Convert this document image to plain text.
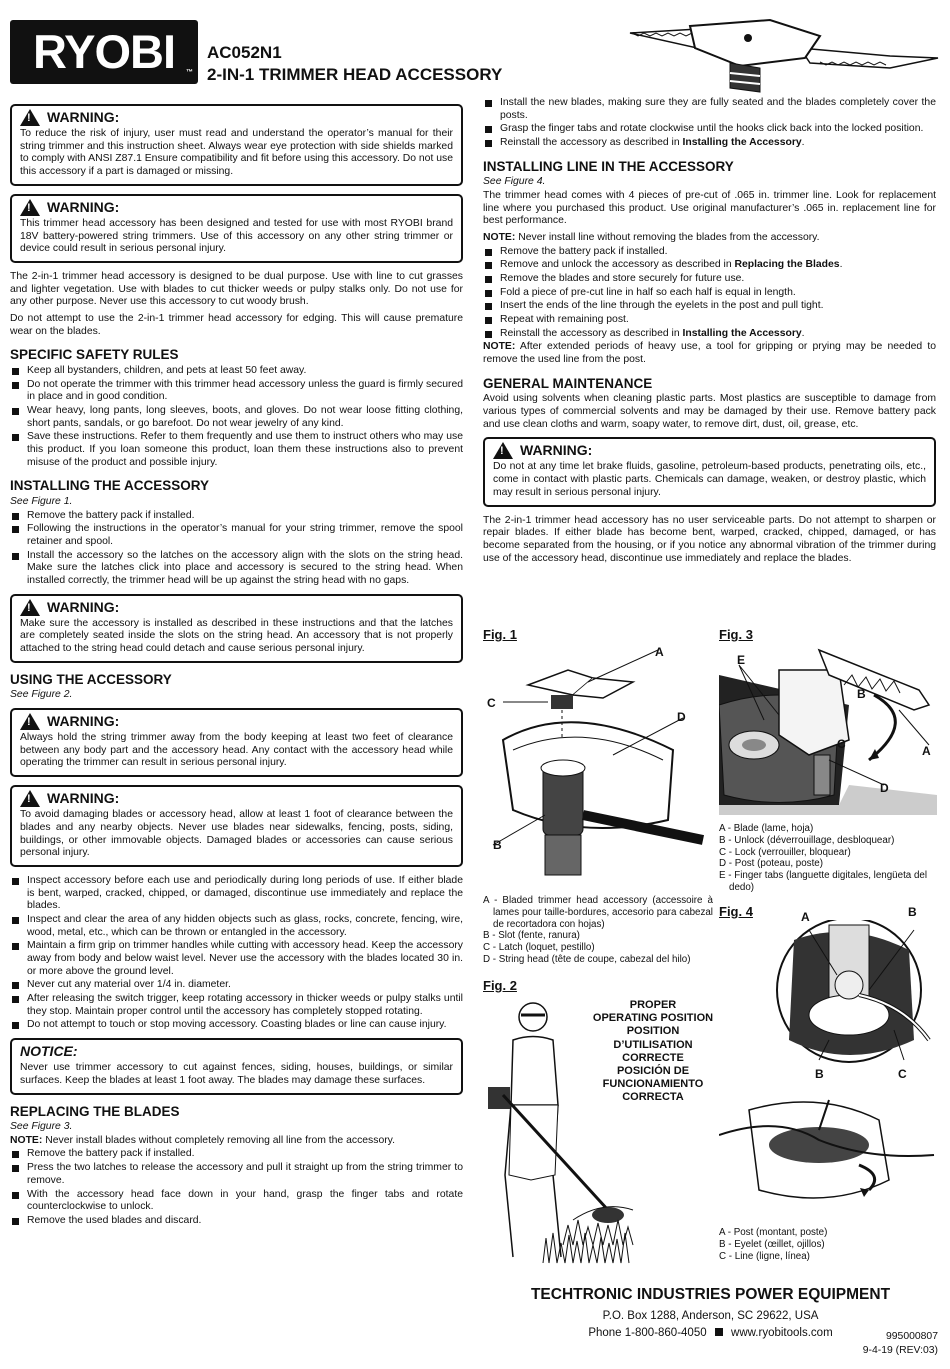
RYOBI ™
AC052N1
2-IN-1 TRIMMER HEAD ACCESSORY
!
WARNING:

To reduce the risk of injury, user must read and understand the operator’s manual for their string trimmer and this instruction sheet. Always wear eye protection with side shields marked to comply with ANSI Z87.1 Ensure compatibility and fit before using this accessory. Do not use this accessory if a part is damaged or missing.

!
WARNING:

This trimmer head accessory has been designed and tested for use with most RYOBI brand 18V battery-powered string trimmers. Use of this accessory on any other string trimmer or device could result in serious personal injury.

The 2-in-1 trimmer head accessory is designed to be dual purpose. Use with line to cut grasses and lighter vegetation. Use with blades to cut thicker weeds or pulpy stalks only. Do not use for any other purpose. Never use this accessory to cut woody brush.

Do not attempt to use the 2-in-1 trimmer head accessory for edging. This will cause premature wear on the blades.

SPECIFIC SAFETY RULES
Keep all bystanders, children, and pets at least 50 feet away.
Do not operate the trimmer with this trimmer head accessory unless the guard is firmly secured in place and in good condition.
Wear heavy, long pants, long sleeves, boots, and gloves. Do not wear loose fitting clothing, short pants, sandals, or go barefoot. Do not wear jewelry of any kind.
Save these instructions. Refer to them frequently and use them to instruct others who may use this product. If you loan someone this product, loan them these instructions also to prevent misuse of the product and possible injury.
INSTALLING THE ACCESSORY
See Figure 1.
Remove the battery pack if installed.
Following the instructions in the operator’s manual for your string trimmer, remove the spool retainer and spool.
Install the accessory so the latches on the accessory align with the slots on the string head. Make sure the latches click into place and accessory is secured to the string head. When installed correctly, the trimmer head will be up against the string head with no gaps.
!
WARNING:

Make sure the accessory is installed as described in these instructions and that the latches are completely seated inside the slots on the string head. An accessory that is not properly attached to the string head could detach and cause serious personal injury.

USING THE ACCESSORY
See Figure 2.
!
WARNING:

Always hold the string trimmer away from the body keeping at least two feet of clearance between any body part and the accessory head. Any contact with the accessory head while operating the trimmer can result in serious personal injury.

!
WARNING:

To avoid damaging blades or accessory head, allow at least 1 foot of clearance between the blades and any nearby objects. Never use blades near sidewalks, fencing, posts, siding, buildings, or other immovable objects. Damaged blades or accessories can cause serious personal injury.

Inspect accessory before each use and periodically during long periods of use. If either blade is bent, warped, cracked, chipped, or damaged, discontinue use immediately and replace the blades.
Inspect and clear the area of any hidden objects such as glass, rocks, concrete, fencing, wire, wood, metal, etc., which can be thrown or entangled in the accessory.
Maintain a firm grip on trimmer handles while cutting with accessory head. Keep the accessory away from body and below waist level. Never use the accessory with the blades located 30 in. or more above the ground level.
Never cut any material over 1/4 in. diameter.
After releasing the switch trigger, keep rotating accessory in thicker weeds or pulpy stalks until they stop. Maintain proper control until the accessory has completely stopped rotating.
Do not attempt to touch or stop moving accessory. Coasting blades or line can cause injury.
NOTICE:

Never use trimmer accessory to cut against fences, siding, houses, buildings, or similar surfaces. Keep the blades at least 1 foot away. The blades may damage these surfaces.

REPLACING THE BLADES
See Figure 3.

NOTE: Never install blades without completely removing all line from the accessory.

Remove the battery pack if installed.
Press the two latches to release the accessory and pull it straight up from the string trimmer to remove.
With the accessory head face down in your hand, grasp the finger tabs and rotate counterclockwise to unlock.
Remove the used blades and discard.
Install the new blades, making sure they are fully seated and the blades completely cover the posts.
Grasp the finger tabs and rotate clockwise until the hooks click back into the locked position.
Reinstall the accessory as described in Installing the Accessory.
INSTALLING LINE IN THE ACCESSORY
See Figure 4.

The trimmer head comes with 4 pieces of pre-cut of .065 in. trimmer line. Look for replacement line where you purchased this product. Use original manufacturer’s .065 in. replacement line for best performance.

NOTE: Never install line without removing the blades from the accessory.

Remove the battery pack if installed.
Remove and unlock the accessory as described in Replacing the Blades.
Remove the blades and store securely for future use.
Fold a piece of pre-cut line in half so each half is equal in length.
Insert the ends of the line through the eyelets in the post and pull tight.
Repeat with remaining post.
Reinstall the accessory as described in Installing the Accessory.

NOTE: After extended periods of heavy use, a tool for gripping or prying may be needed to remove the used line from the post.

GENERAL MAINTENANCE

Avoid using solvents when cleaning plastic parts. Most plastics are susceptible to damage from various types of commercial solvents and may be damaged by their use. Remove battery pack and use clean cloths and warm, soapy water, to remove dirt, dust, oil, grease, etc.

!
WARNING:

Do not at any time let brake fluids, gasoline, petroleum-based products, penetrating oils, etc., come in contact with plastic parts. Chemicals can damage, weaken, or destroy plastic, which may result in serious personal injury.

The 2-in-1 trimmer head accessory has no user serviceable parts. Do not attempt to sharpen or repair blades. If either blade has become bent, warped, cracked, chipped, damaged, or has become separated from the housing, or if you notice any abnormal vibration of the trimmer during use of the accessory head, discontinue use immediately and replace the blades.

Fig. 1
A
B
C
D
A - Bladed trimmer head accessory (accessoire à lames pour taille-bordures, accesorio para cabezal de recortadora con hojas)
B - Slot (fente, ranura)
C - Latch (loquet, pestillo)
D - String head (tête de coupe, cabezal del hilo)
Fig. 2
PROPER
OPERATING POSITION
POSITION
D’UTILISATION
CORRECTE
POSICIÓN DE
FUNCIONAMIENTO
CORRECTA
Fig. 3
E
B
C	A
D
A - Blade (lame, hoja)
B - Unlock (déverrouillage, desbloquear)
C - Lock (verrouiller, bloquear)
D - Post (poteau, poste)
E - Finger tabs (languette digitales, lengüeta del dedo)
Fig. 4	A	B
B	C
A - Post (montant, poste)
B - Eyelet (œillet, ojillos)
C - Line (ligne, línea)
TECHTRONIC INDUSTRIES POWER EQUIPMENT
P.O. Box 1288, Anderson, SC 29622, USA
Phone 1-800-860-4050 www.ryobitools.com	995000807
9-4-19 (REV:03)
